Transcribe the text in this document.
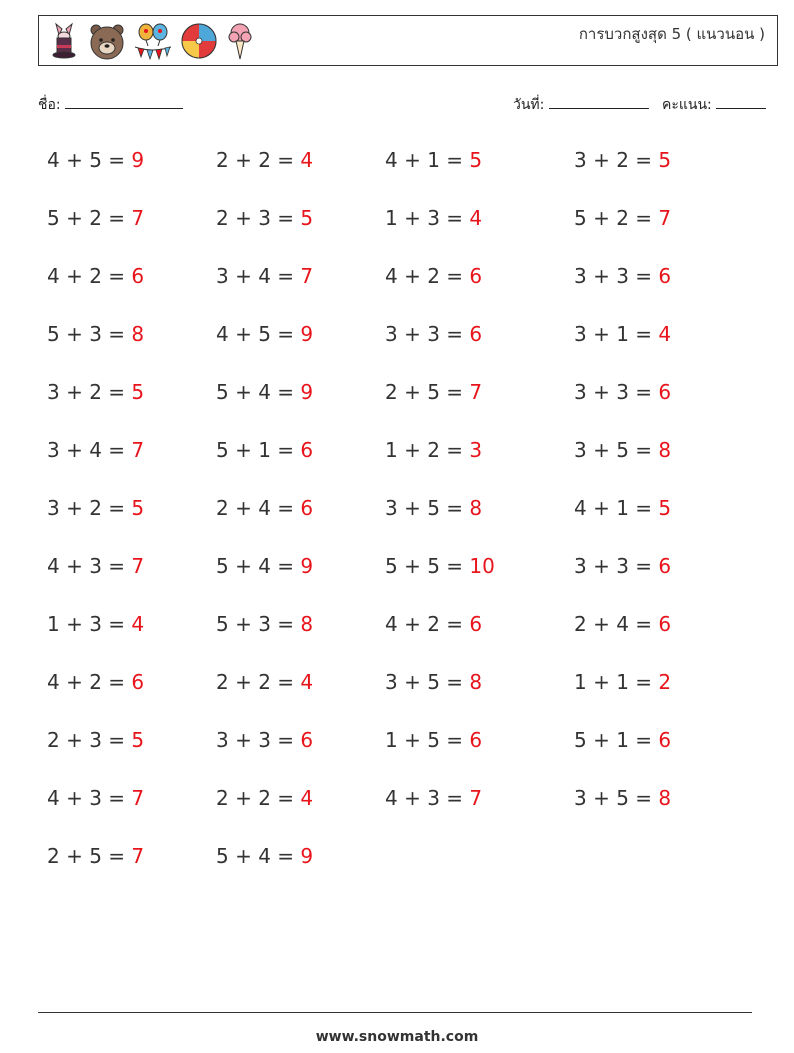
การบวกสูงสุด 5 ( แนวนอน )
ชื่อ:	วันที่:	คะแนน:
4 + 5 = 9	2 + 2 = 4	4 + 1 = 5	3 + 2 = 5
5 + 2 = 7	2 + 3 = 5	1 + 3 = 4	5 + 2 = 7
4 + 2 = 6	3 + 4 = 7	4 + 2 = 6	3 + 3 = 6
5 + 3 = 8	4 + 5 = 9	3 + 3 = 6	3 + 1 = 4
3 + 2 = 5	5 + 4 = 9	2 + 5 = 7	3 + 3 = 6
3 + 4 = 7	5 + 1 = 6	1 + 2 = 3	3 + 5 = 8
3 + 2 = 5	2 + 4 = 6	3 + 5 = 8	4 + 1 = 5
4 + 3 = 7	5 + 4 = 9	5 + 5 = 10	3 + 3 = 6
1 + 3 = 4	5 + 3 = 8	4 + 2 = 6	2 + 4 = 6
4 + 2 = 6	2 + 2 = 4	3 + 5 = 8	1 + 1 = 2
2 + 3 = 5	3 + 3 = 6	1 + 5 = 6	5 + 1 = 6
4 + 3 = 7	2 + 2 = 4	4 + 3 = 7	3 + 5 = 8
2 + 5 = 7	5 + 4 = 9
www.snowmath.com
